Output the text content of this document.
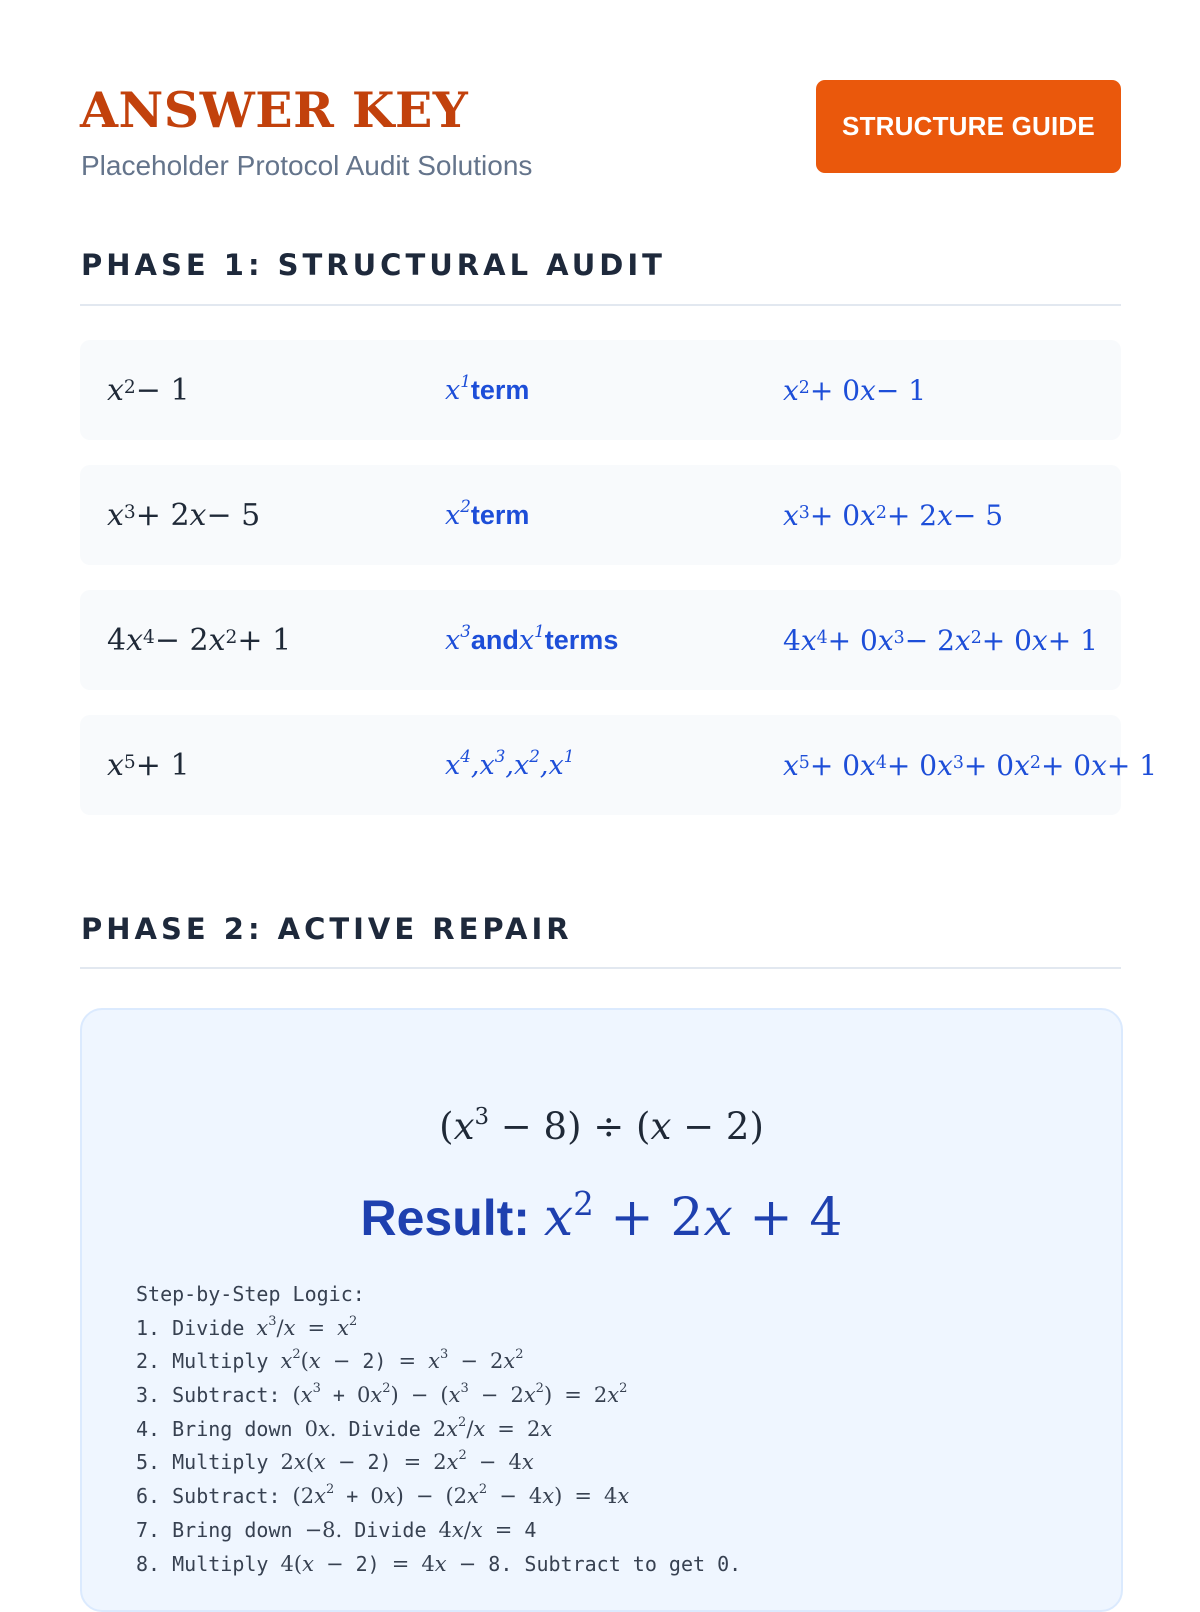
ANSWER KEY
Placeholder Protocol Audit Solutions
STRUCTURE GUIDE
PHASE 1: STRUCTURAL AUDIT
$x^2 - 1$	$x^1$ term	$x^2 + 0$ x − 1
$x^3 + 2$ x − 5	$x^2$ term	$x^3 + 0$ $x^2 + 2$ x − 5
4 $x^4 - 2$ $x^2 + 1$	$x^3$ and $x^1$ terms	4 $x^4 + 0$ $x^3 - 2$ $x^2 + 0$ x + 1
$x^5 + 1$	$x^4$ , $x^3$ , $x^2$ , $x^1$	$x^5 + 0$ $x^4 + 0$ $x^3 + 0$ $x^2 + 0$ x + 1
PHASE 2: ACTIVE REPAIR
$(x^3 - 8) \div (x - 2)$
Result: $x^2 + 2x + 4$
Step-by-Step Logic:
1. Divide $x^3/x = x^2$
2. Multiply $x^2(x - 2) = x^3 - 2x^2$
3. Subtract: $(x^3 + 0x^2) - (x^3 - 2x^2) = 2x^2$
4. Bring down 0x. Divide $2x^2/x = 2x$
5. Multiply $2x(x - 2) = 2x^2 - 4x$
6. Subtract: $(2x^2 + 0x) - (2x^2 - 4x) = 4x$
7. Bring down −8. Divide 4x/x = 4
8. Multiply 4(x − 2) = 4x − 8. Subtract to get 0.
